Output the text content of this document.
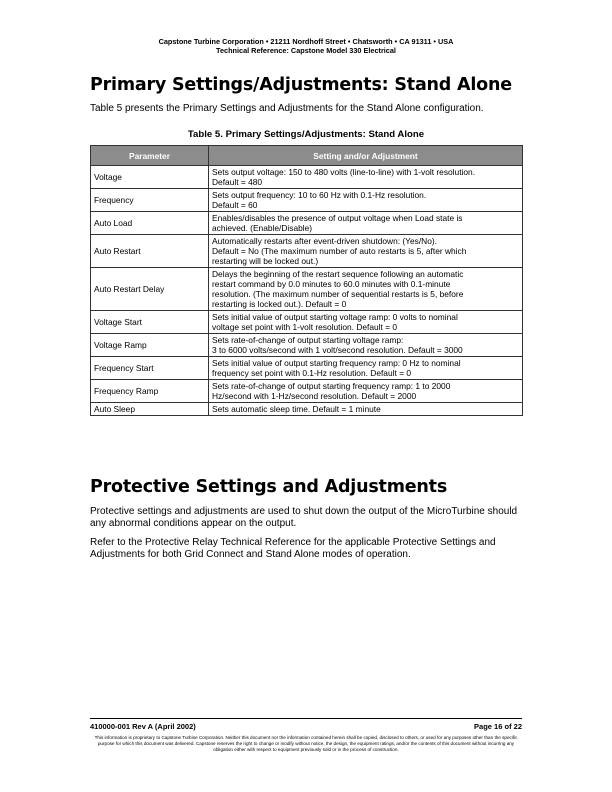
Capstone Turbine Corporation • 21211 Nordhoff Street • Chatsworth • CA 91311 • USA
Technical Reference: Capstone Model 330 Electrical
Primary Settings/Adjustments: Stand Alone
Table 5 presents the Primary Settings and Adjustments for the Stand Alone configuration.
Table 5. Primary Settings/Adjustments: Stand Alone
Parameter	Setting and/or Adjustment
Voltage	Sets output voltage: 150 to 480 volts (line-to-line) with 1-volt resolution.
Default = 480

Frequency	Sets output frequency: 10 to 60 Hz with 0.1-Hz resolution.
Default = 60

Auto Load	Enables/disables the presence of output voltage when Load state is
achieved. (Enable/Disable)

Auto Restart	Automatically restarts after event-driven shutdown: (Yes/No).
Default = No (The maximum number of auto restarts is 5, after which
restarting will be locked out.)

Auto Restart Delay	Delays the beginning of the restart sequence following an automatic
restart command by 0.0 minutes to 60.0 minutes with 0.1-minute
resolution. (The maximum number of sequential restarts is 5, before
restarting is locked out.). Default = 0

Voltage Start	Sets initial value of output starting voltage ramp: 0 volts to nominal
voltage set point with 1-volt resolution. Default = 0

Voltage Ramp	Sets rate-of-change of output starting voltage ramp:
3 to 6000 volts/second with 1 volt/second resolution. Default = 3000

Frequency Start	Sets initial value of output starting frequency ramp: 0 Hz to nominal
frequency set point with 0.1-Hz resolution. Default = 0

Frequency Ramp	Sets rate-of-change of output starting frequency ramp: 1 to 2000
Hz/second with 1-Hz/second resolution. Default = 2000

Auto Sleep	Sets automatic sleep time. Default = 1 minute
Protective Settings and Adjustments
Protective settings and adjustments are used to shut down the output of the MicroTurbine should any abnormal conditions appear on the output.
Refer to the Protective Relay Technical Reference for the applicable Protective Settings and Adjustments for both Grid Connect and Stand Alone modes of operation.
410000-001 Rev A (April 2002)	Page 16 of 22
This information is proprietary to Capstone Turbine Corporation. Neither this document nor the information contained herein shall be copied, disclosed to others, or used for any purposes other than the specific purpose for which this document was delivered. Capstone reserves the right to change or modify without notice, the design, the equipment ratings, and/or the contents of this document without incurring any obligation either with respect to equipment previously sold or in the process of construction.
